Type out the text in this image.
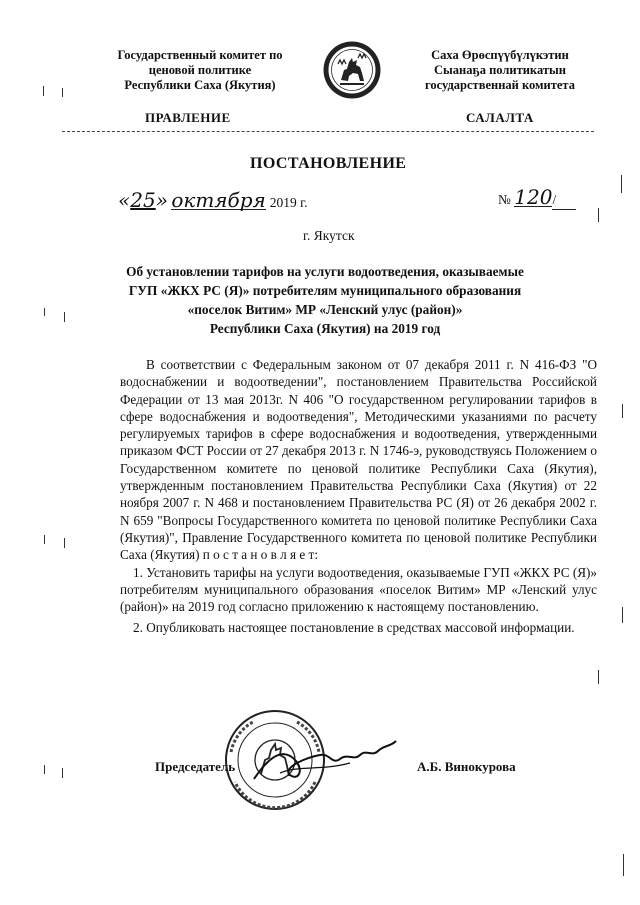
Государственный комитет по
ценовой политике
Республики Саха (Якутия)
Саха Өрөспүүбүлүкэтин
Сыанаҕа политикатын
государственнай комитета
ПРАВЛЕНИЕ	САЛАЛТА
ПОСТАНОВЛЕНИЕ
«25» октября 2019 г.	№ 120/
г. Якутск
Об установлении тарифов на услуги водоотведения, оказываемые
ГУП «ЖКХ РС (Я)» потребителям муниципального образования
«поселок Витим» МР «Ленский улус (район)»
Республики Саха (Якутия) на 2019 год

В соответствии с Федеральным законом от 07 декабря 2011 г. N 416-ФЗ "О водоснабжении и водоотведении", постановлением Правительства Российской Федерации от 13 мая 2013г. N 406 "О государственном регулировании тарифов в сфере водоснабжения и водоотведения", Методическими указаниями по расчету регулируемых тарифов в сфере водоснабжения и водоотведения, утвержденными приказом ФСТ России от 27 декабря 2013 г. N 1746-э, руководствуясь Положением о Государственном комитете по ценовой политике Республики Саха (Якутия), утвержденным постановлением Правительства Республики Саха (Якутия) от 22 ноября 2007 г. N 468 и постановлением Правительства РС (Я) от 26 декабря 2002 г. N 659 "Вопросы Государственного комитета по ценовой политике Республики Саха (Якутия)", Правление Государственного комитета по ценовой политике Республики Саха (Якутия) п о с т а н о в л я е т:

1. Установить тарифы на услуги водоотведения, оказываемые ГУП «ЖКХ РС (Я)» потребителям муниципального образования «поселок Витим» МР «Ленский улус (район)» на 2019 год согласно приложению к настоящему постановлению.

2. Опубликовать настоящее постановление в средствах массовой информации.

Председатель	А.Б. Винокурова
